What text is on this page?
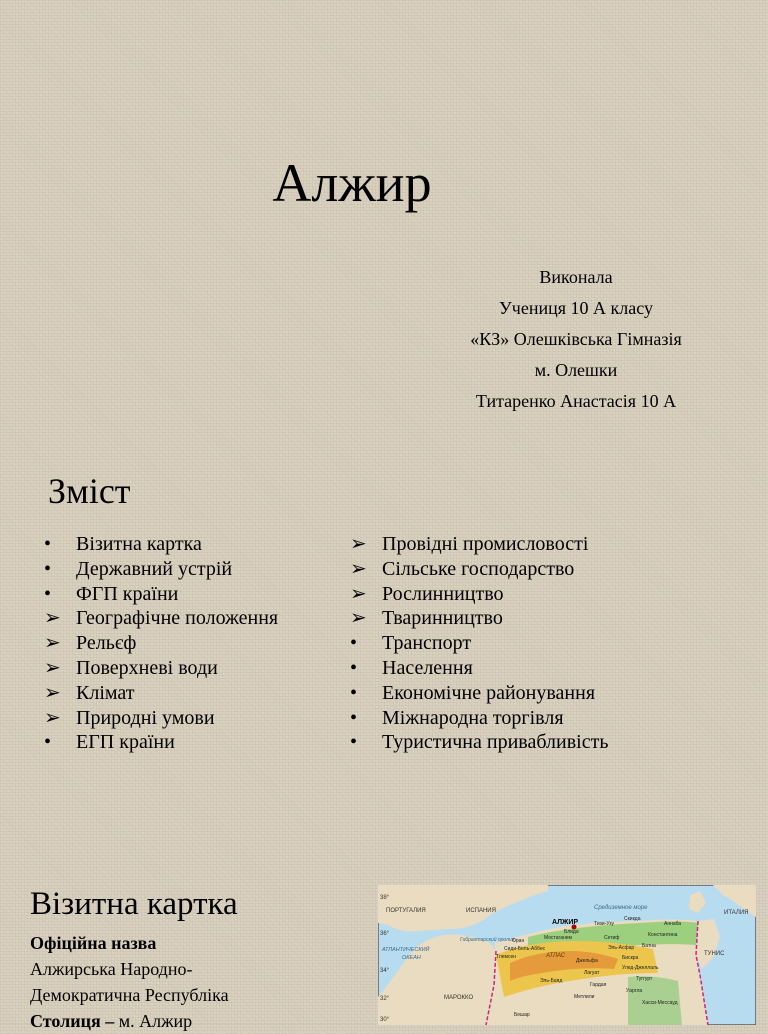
Алжир
Виконала
Учениця 10 А класу
«КЗ» Олешківська Гімназія
м. Олешки
Титаренко Анастасія 10 А
Зміст
•	Візитна картка
•	Державний устрій
•	ФГП країни
➢ Географічне положення
➢ Рельєф
➢ Поверхневі води
➢ Клімат
➢ Природні умови
•	ЕГП країни
➢ Провідні промисловості
➢ Сільське господарство
➢ Рослинництво
➢ Тваринництво
•	Транспорт
•	Населення
•	Економічне районування
•	Міжнародна торгівля
•	Туристична привабливість
Візитна картка
Офіційна назва
Алжирська Народно-
Демократична Республіка
Столиця – м. Алжир
38°
36°
34°
32°
30°
ПОРТУГАЛИЯ	ИСПАНИЯ	ИТАЛИЯ
МАРОККО
ТУНИС
Средиземное море
АТЛАНТИЧЕСКИЙ
ОКЕАН
Гибралтарский пролив
АТЛАС
АЛЖИР	Тизи-Узу
Скикда
Аннаба
Блида	Константина
Оран	Мостаганем	Сетиф
Батна
Сиди-Бель-Аббес
Тлемсен
Эль-Асфар
Джельфа	Бискра
Лагуат
Улед-Джеллаль
Туггурт
Гардая
Эль-Баяд
Уаргла
Хасси-Мессауд
Бешар
Метлили
